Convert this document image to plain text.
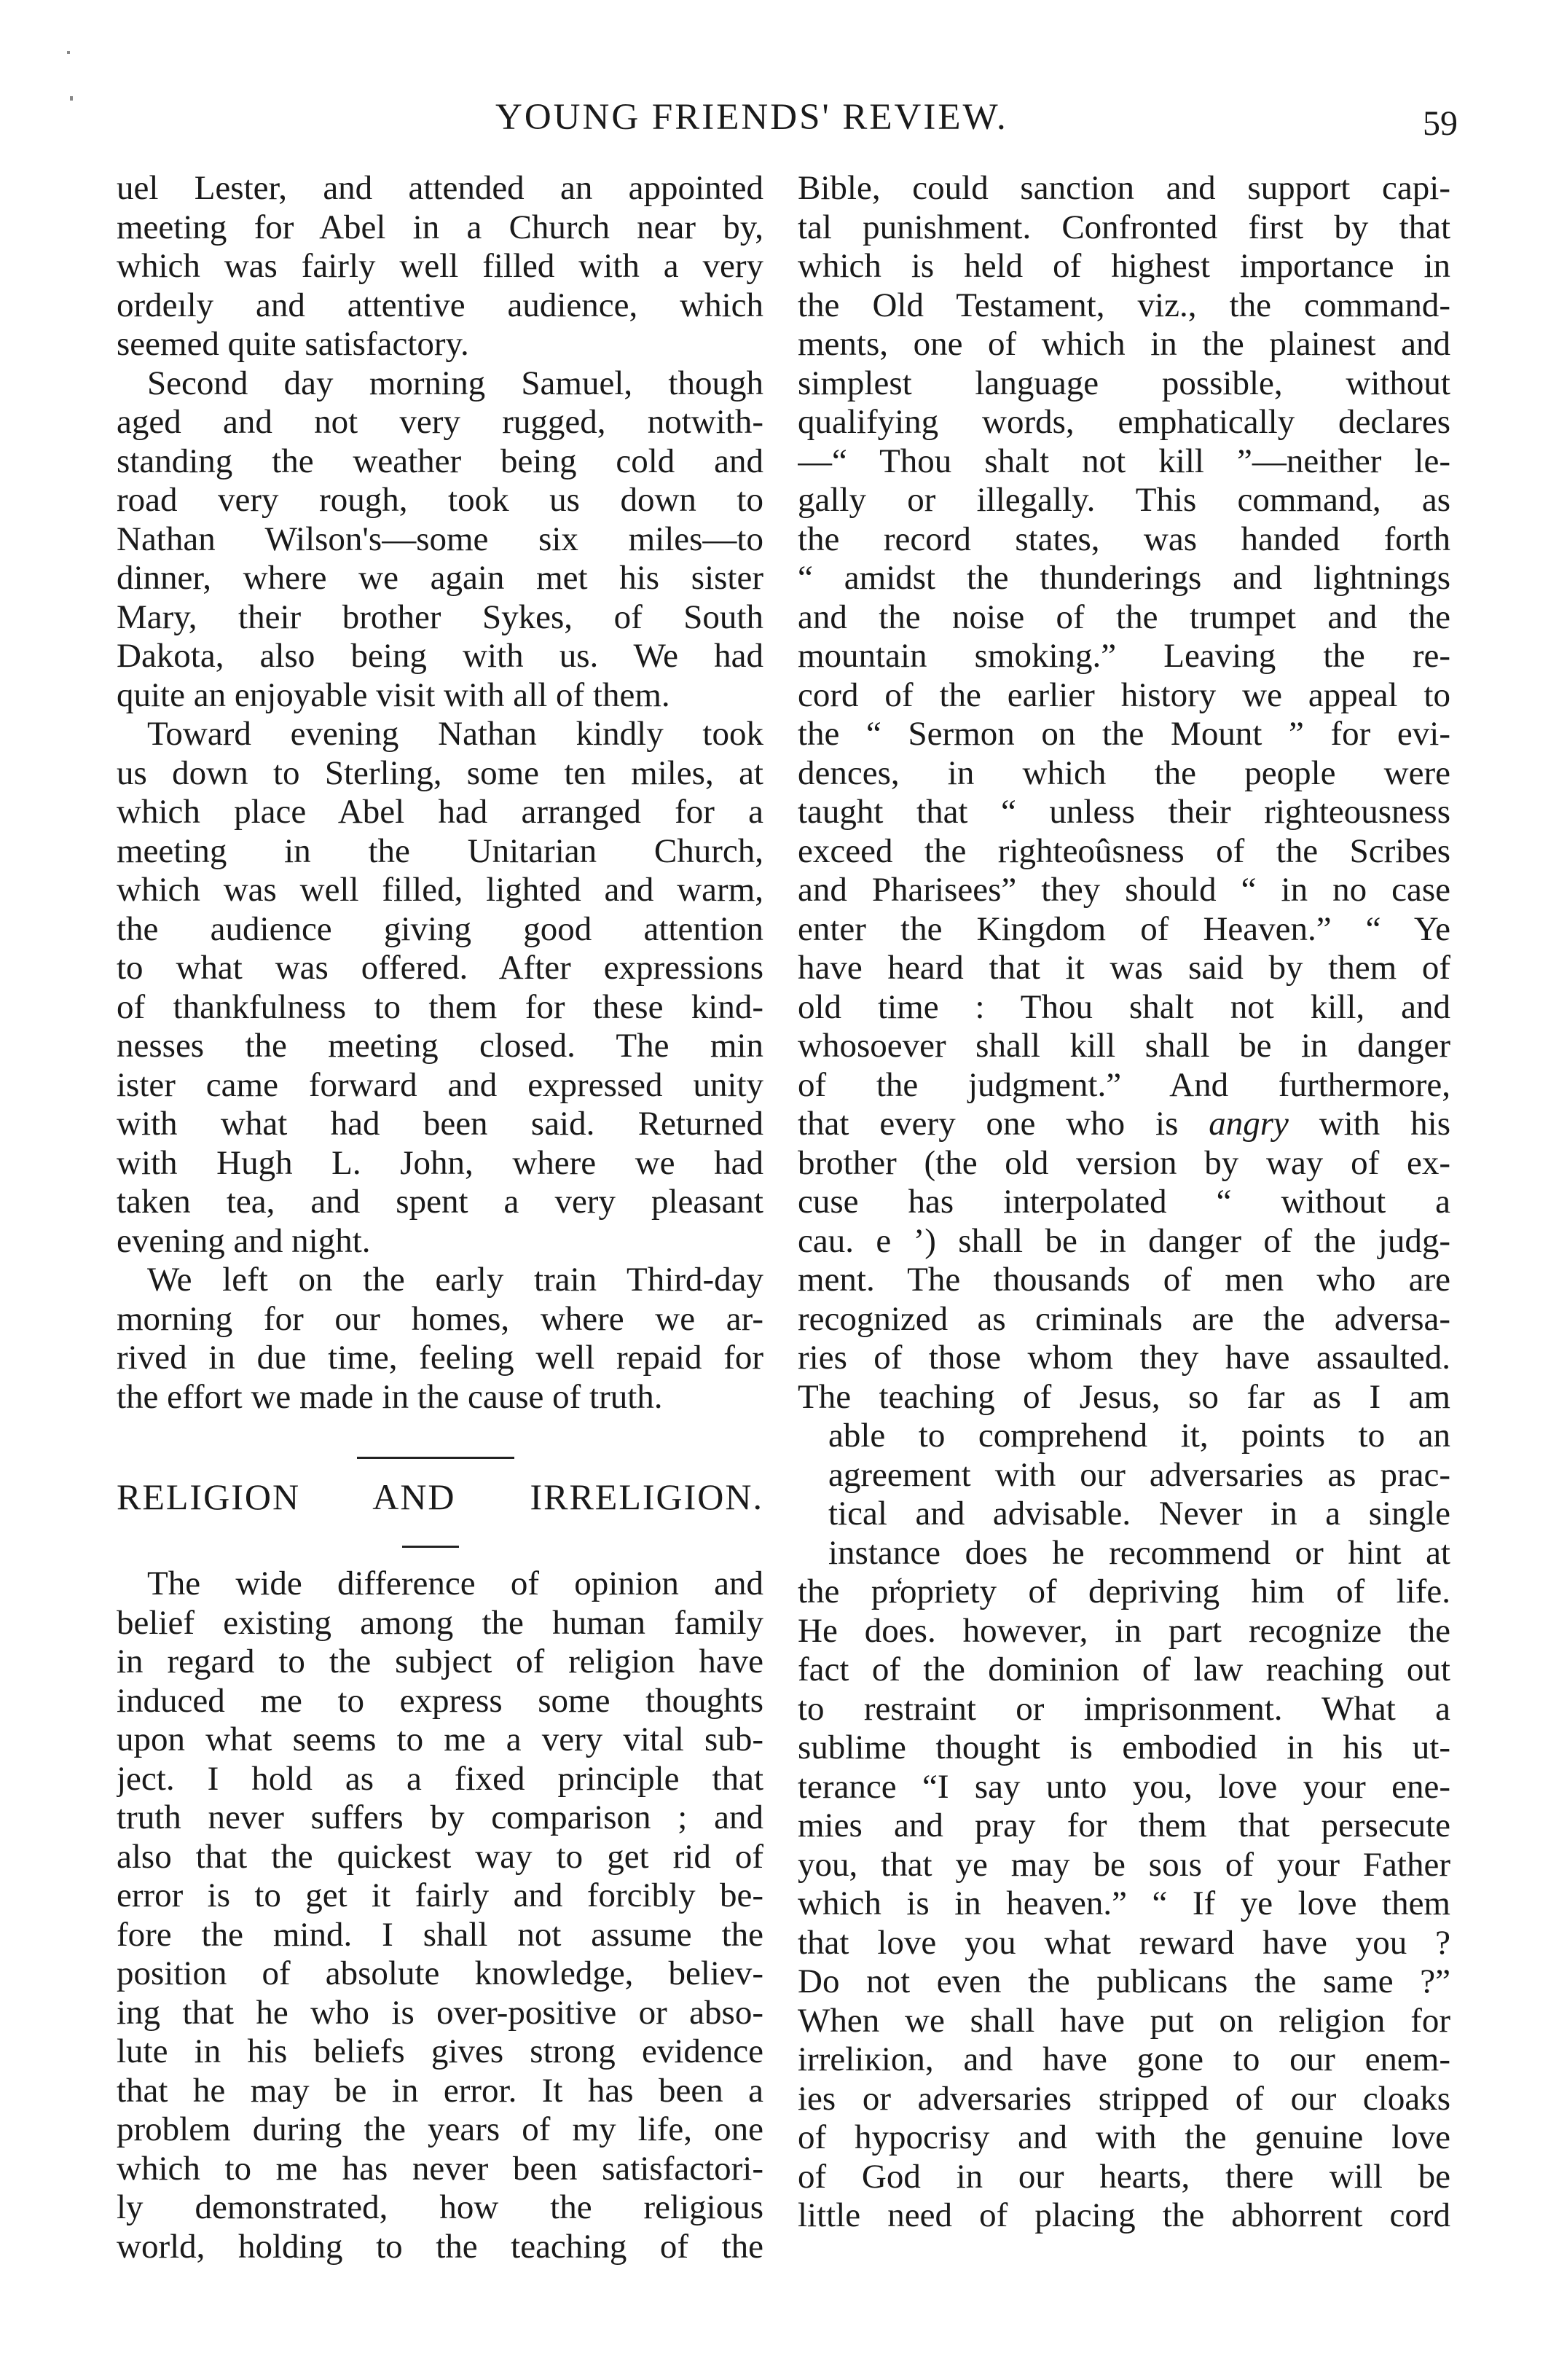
YOUNG FRIENDS' REVIEW.	59
uel Lester, and attended an appointed
meeting for Abel in a Church near by,
which was fairly well filled with a very
ordeıly and attentive audience, which
seemed quite satisfactory.
Second day morning Samuel, though
aged and not very rugged, notwith-
standing the weather being cold and
road very rough, took us down to
Nathan Wilson's—some six miles—to
dinner, where we again met his sister
Mary, their brother Sykes, of South
Dakota, also being with us. We had
quite an enjoyable visit with all of them.
Toward evening Nathan kindly took
us down to Sterling, some ten miles, at
which place Abel had arranged for a
meeting in the Unitarian Church,
which was well filled, lighted and warm,
the audience giving good attention
to what was offered. After expressions
of thankfulness to them for these kind-
nesses the meeting closed. The min
ister came forward and expressed unity
with what had been said. Returned
with Hugh L. John, where we had
taken tea, and spent a very pleasant
evening and night.
We left on the early train Third-day
morning for our homes, where we ar-
rived in due time, feeling well repaid for
the effort we made in the cause of truth.
RELIGION AND IRRELIGION.
The wide difference of opinion and
belief existing among the human family
in regard to the subject of religion have
induced me to express some thoughts
upon what seems to me a very vital sub-
ject. I hold as a fixed principle that
truth never suffers by comparison ; and
also that the quickest way to get rid of
error is to get it fairly and forcibly be-
fore the mind. I shall not assume the
position of absolute knowledge, believ-
ing that he who is over-positive or abso-
lute in his beliefs gives strong evidence
that he may be in error. It has been a
problem during the years of my life, one
which to me has never been satisfactori-
ly demonstrated, how the religious
world, holding to the teaching of the
Bible, could sanction and support capi-
tal punishment. Confronted first by that
which is held of highest importance in
the Old Testament, viz., the command-
ments, one of which in the plainest and
simplest language possible, without
qualifying words, emphatically declares
—“ Thou shalt not kill ”—neither le-
gally or illegally. This command, as
the record states, was handed forth
“ amidst the thunderings and lightnings
and the noise of the trumpet and the
mountain smoking.” Leaving the re-
cord of the earlier history we appeal to
the “ Sermon on the Mount ” for evi-
dences, in which the people were
taught that “ unless their righteousness
exceed the righteoûsness of the Scribes
and Pharisees” they should “ in no case
enter the Kingdom of Heaven.” “ Ye
have heard that it was said by them of
old time : Thou shalt not kill, and
whosoever shall kill shall be in danger
of the judgment.” And furthermore,
that every one who is angry with his
brother (the old version by way of ex-
cuse has interpolated “ without a
cau. e ’) shall be in danger of the judg-
ment. The thousands of men who are
recognized as criminals are the adversa-
ries of those whom they have assaulted.
The teaching of Jesus, so far as I am
able to comprehend it, points to an
agreement with our adversaries as prac-
tical and advisable. Never in a single
instance does he recommend or hint at
the pr̒opriety of depriving him of life.
He does. however, in part recognize the
fact of the dominion of law reaching out
to restraint or imprisonment. What a
sublime thought is embodied in his ut-
terance “I say unto you, love your ene-
mies and pray for them that persecute
you, that ye may be soıs of your Father
which is in heaven.” “ If ye love them
that love you what reward have you ?
Do not even the publicans the same ?”
When we shall have put on religion for
irreliĸion, and have gone to our enem-
ies or adversaries stripped of our cloaks
of hypocrisy and with the genuine love
of God in our hearts, there will be
little need of placing the abhorrent cord
